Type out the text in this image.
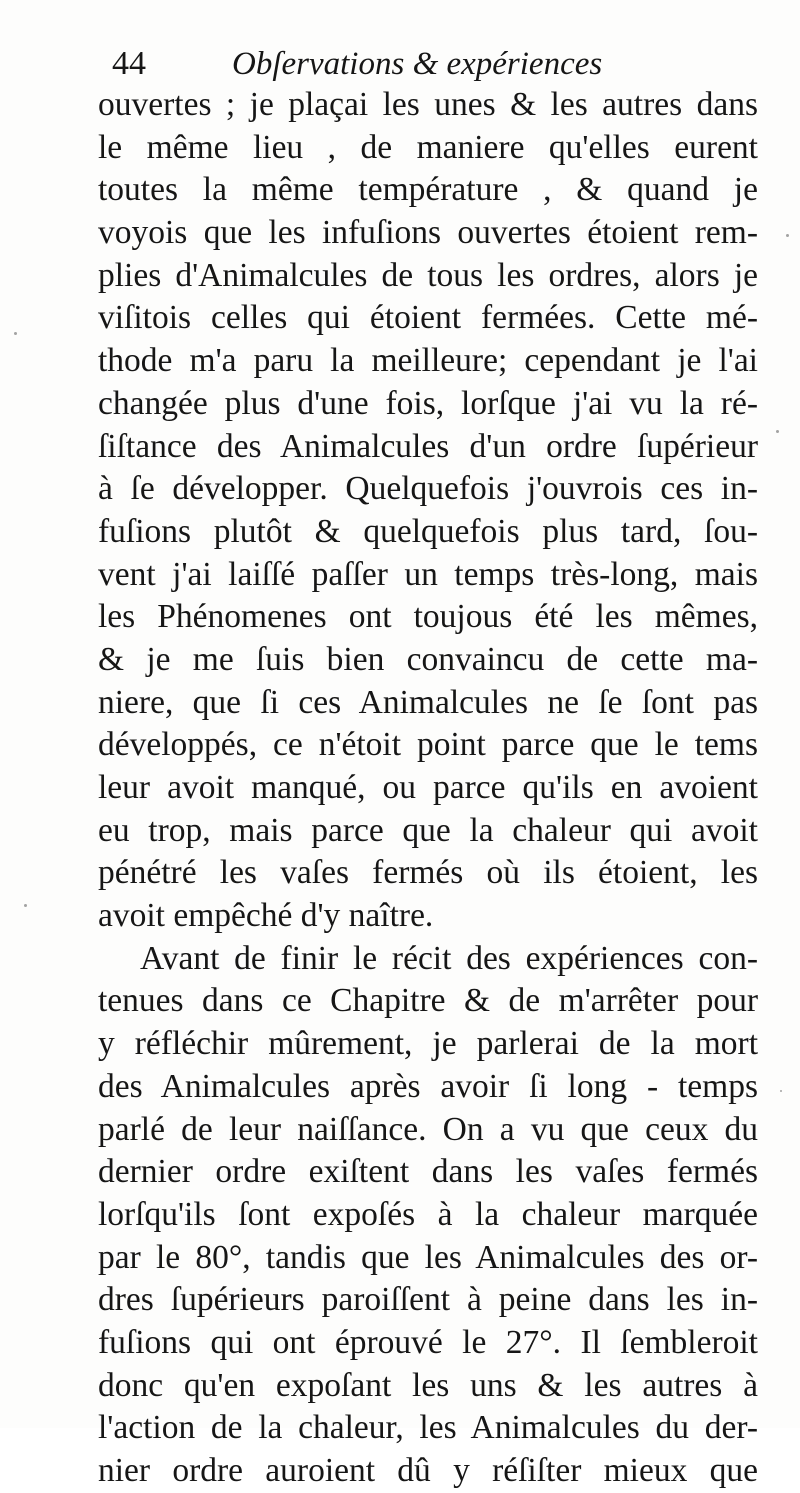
44	Obſervations & expériences
ouvertes ; je plaçai les unes & les autres dans
le même lieu , de maniere qu'elles eurent
toutes la même température , & quand je
voyois que les infuſions ouvertes étoient rem-
plies d'Animalcules de tous les ordres, alors je
viſitois celles qui étoient fermées. Cette mé-
thode m'a paru la meilleure; cependant je l'ai
changée plus d'une fois, lorſque j'ai vu la ré-
ſiſtance des Animalcules d'un ordre ſupérieur
à ſe développer. Quelquefois j'ouvrois ces in-
fuſions plutôt & quelquefois plus tard, ſou-
vent j'ai laiſſé paſſer un temps très-long, mais
les Phénomenes ont toujous été les mêmes,
& je me ſuis bien convaincu de cette ma-
niere, que ſi ces Animalcules ne ſe ſont pas
développés, ce n'étoit point parce que le tems
leur avoit manqué, ou parce qu'ils en avoient
eu trop, mais parce que la chaleur qui avoit
pénétré les vaſes fermés où ils étoient, les
avoit empêché d'y naître.
Avant de finir le récit des expériences con-
tenues dans ce Chapitre & de m'arrêter pour
y réfléchir mûrement, je parlerai de la mort
des Animalcules après avoir ſi long - temps
parlé de leur naiſſance. On a vu que ceux du
dernier ordre exiſtent dans les vaſes fermés
lorſqu'ils ſont expoſés à la chaleur marquée
par le 80°, tandis que les Animalcules des or-
dres ſupérieurs paroiſſent à peine dans les in-
fuſions qui ont éprouvé le 27°. Il ſembleroit
donc qu'en expoſant les uns & les autres à
l'action de la chaleur, les Animalcules du der-
nier ordre auroient dû y réſiſter mieux que
